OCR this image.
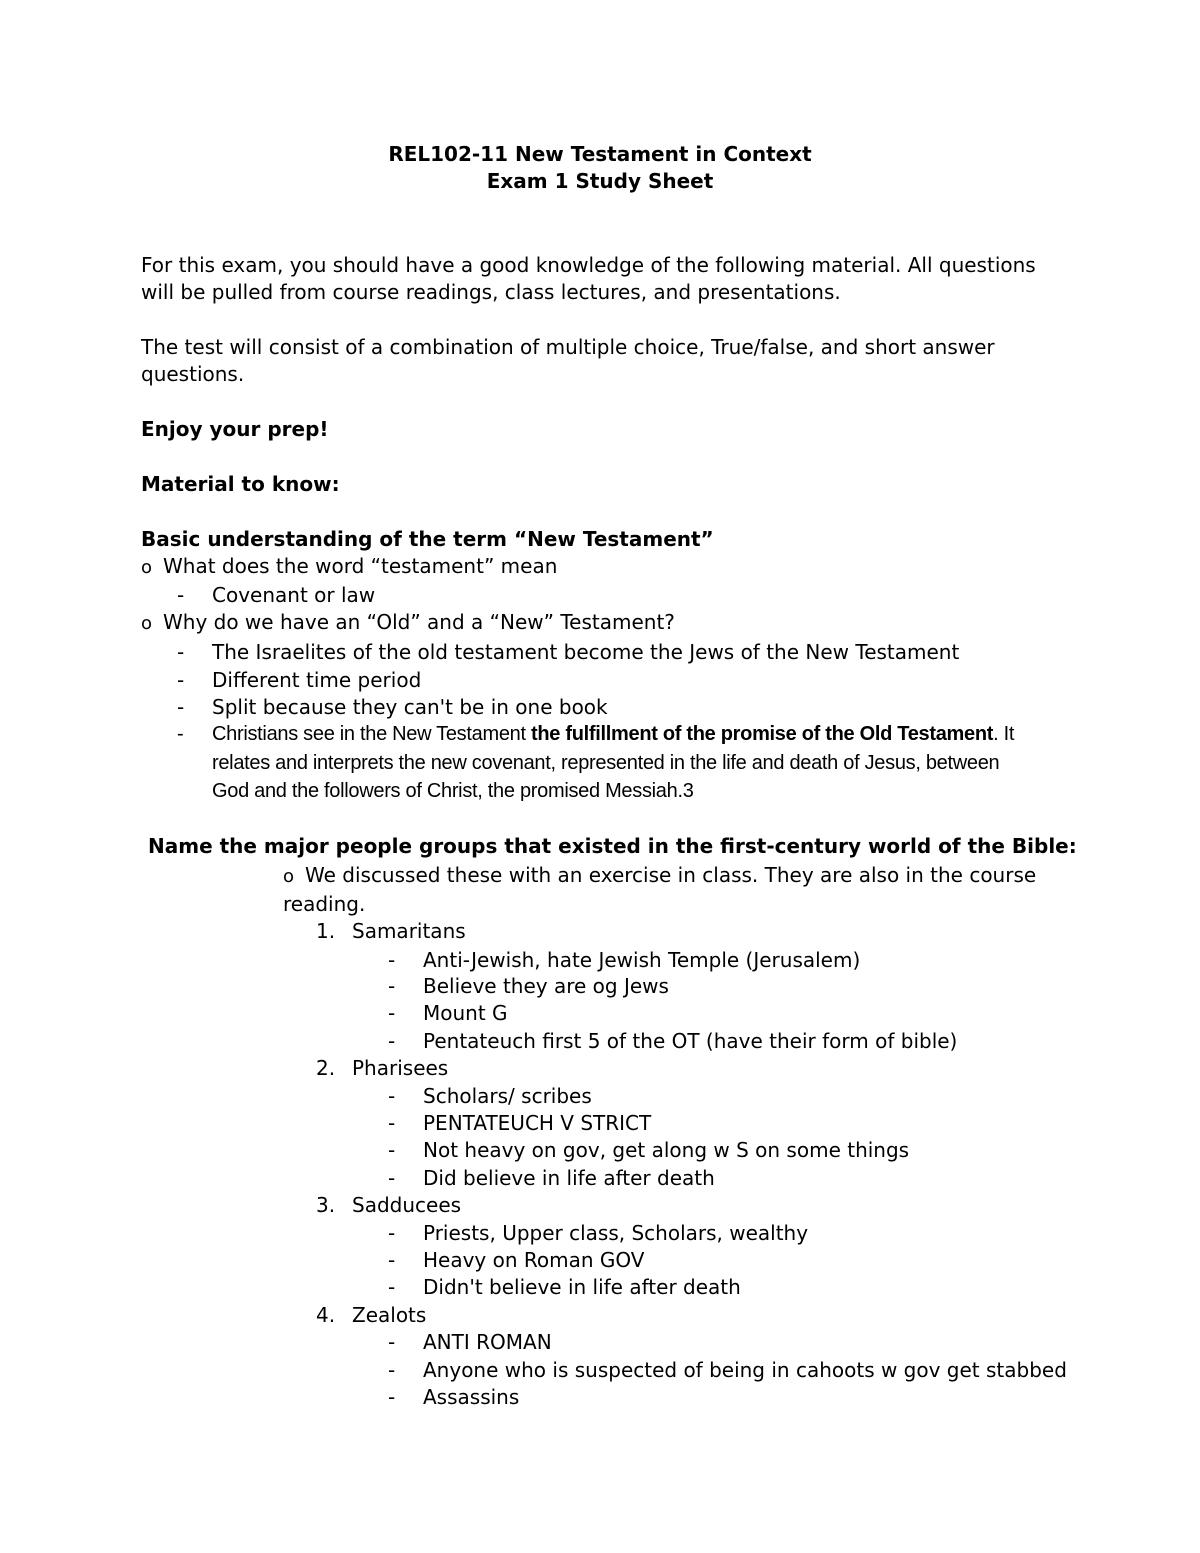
REL102-11 New Testament in Context
Exam 1 Study Sheet
For this exam, you should have a good knowledge of the following material. All questions
will be pulled from course readings, class lectures, and presentations.
The test will consist of a combination of multiple choice, True/false, and short answer
questions.
Enjoy your prep!
Material to know:
Basic understanding of the term “New Testament”
o What does the word “testament” mean
- Covenant or law
o Why do we have an “Old” and a “New” Testament?
- The Israelites of the old testament become the Jews of the New Testament
- Different time period
- Split because they can't be in one book
- Christians see in the New Testament the fulfillment of the promise of the Old Testament. It
relates and interprets the new covenant, represented in the life and death of Jesus, between
God and the followers of Christ, the promised Messiah.3
Name the major people groups that existed in the first-century world of the Bible:
o We discussed these with an exercise in class. They are also in the course
reading.
1. Samaritans
- Anti-Jewish, hate Jewish Temple (Jerusalem)
- Believe they are og Jews
- Mount G
- Pentateuch first 5 of the OT (have their form of bible)
2. Pharisees
- Scholars/ scribes
- PENTATEUCH V STRICT
- Not heavy on gov, get along w S on some things
- Did believe in life after death
3. Sadducees
- Priests, Upper class, Scholars, wealthy
- Heavy on Roman GOV
- Didn't believe in life after death
4. Zealots
- ANTI ROMAN
- Anyone who is suspected of being in cahoots w gov get stabbed
- Assassins
